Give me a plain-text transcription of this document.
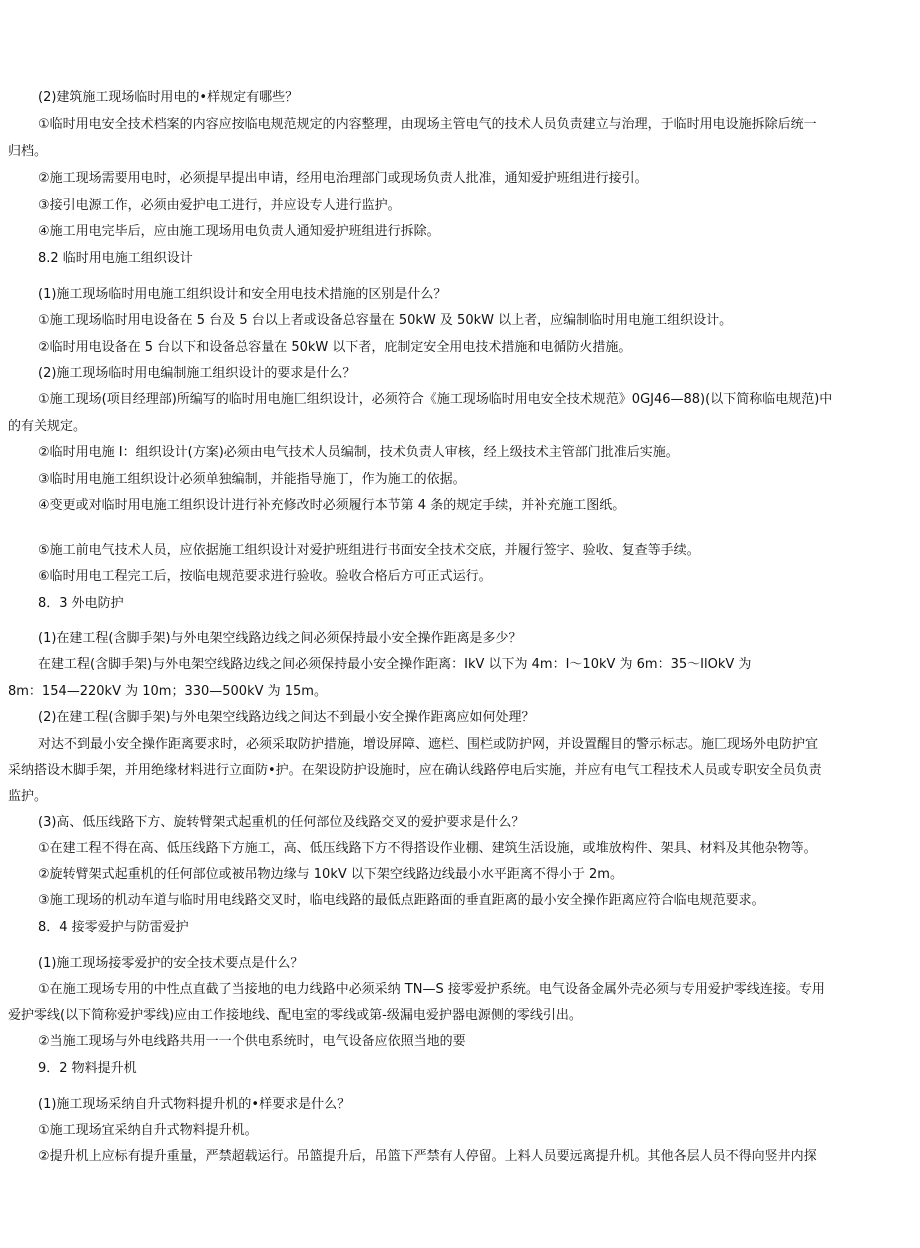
(2)建筑施工现场临时用电的•样规定有哪些？
①临时用电安全技术档案的内容应按临电规范规定的内容整理，由现场主管电气的技术人员负责建立与治理，于临时用电设施拆除后统一
归档。
②施工现场需要用电时，必须提早提出申请，经用电治理部门或现场负责人批准，通知爱护班组进行接引。
③接引电源工作，必须由爱护电工进行，并应设专人进行监护。
④施工用电完毕后，应由施工现场用电负责人通知爱护班组进行拆除。
8.2 临时用电施工组织设计
(1)施工现场临时用电施工组织设计和安全用电技术措施的区别是什么？
①施工现场临时用电设备在 5 台及 5 台以上者或设备总容量在 50kW 及 50kW 以上者，应编制临时用电施工组织设计。
②临时用电设备在 5 台以下和设备总容量在 50kW 以下者，庇制定安全用电技术措施和电循防火措施。
(2)施工现场临时用电编制施工组织设计的要求是什么？
①施工现场(项目经理部)所编写的临时用电施匚组织设计，必须符合《施工现场临时用电安全技术规范》0GJ46—88)(以下简称临电规范)中
的有关规定。
②临时用电施 I：组织设计(方案)必须由电气技术人员编制，技术负责人审核，经上级技术主管部门批准后实施。
③临时用电施工组织设计必须单独编制，并能指导施丁，作为施工的依据。
④变更或对临时用电施工组织设计进行补充修改时必须履行本节第 4 条的规定手续，并补充施工图纸。
⑤施工前电气技术人员，应依据施工组织设计对爱护班组进行书面安全技术交底，并履行签字、验收、复查等手续。
⑥临时用电工程完工后，按临电规范要求进行验收。验收合格后方可正式运行。
8．3 外电防护
(1)在建工程(含脚手架)与外电架空线路边线之间必须保持最小安全操作距离是多少？
在建工程(含脚手架)与外电架空线路边线之间必须保持最小安全操作距离：IkV 以下为 4m：I〜10kV 为 6m：35〜IlOkV 为
8m：154—220kV 为 10m；330—500kV 为 15m。
(2)在建工程(含脚手架)与外电架空线路边线之间达不到最小安全操作距离应如何处理？
对达不到最小安全操作距离要求时，必须采取防护措施，增设屏障、遮栏、围栏或防护网，并设置醒目的警示标志。施匚现场外电防护宜
采纳搭设木脚手架，并用绝缘材料进行立面防•护。在架设防护设施时，应在确认线路停电后实施，并应有电气工程技术人员或专职安全员负责
监护。
(3)高、低压线路下方、旋转臂架式起重机的任何部位及线路交叉的爱护要求是什么？
①在建工程不得在高、低压线路下方施工，高、低压线路下方不得搭设作业棚、建筑生活设施，或堆放构件、架具、材料及其他杂物等。
②旋转臂架式起重机的任何部位或被吊物边缘与 10kV 以下架空线路边线最小水平距离不得小于 2m。
③施工现场的机动车道与临时用电线路交叉时，临电线路的最低点距路面的垂直距离的最小安全操作距离应符合临电规范要求。
8．4 接零爱护与防雷爱护
(1)施工现场接零爱护的安全技术要点是什么？
①在施工现场专用的中性点直截了当接地的电力线路中必须采纳 TN—S 接零爱护系统。电气设备金属外壳必须与专用爱护零线连接。专用
爱护零线(以下简称爱护零线)应由工作接地线、配电室的零线或第-级漏电爱护器电源侧的零线引出。
②当施工现场与外电线路共用一一个供电系统时，电气设备应依照当地的要
9．2 物料提升机
(1)施工现场采纳自升式物料提升机的•样要求是什么？
①施工现场宜采纳自升式物料提升机。
②提升机上应标有提升重量，严禁超载运行。吊篮提升后，吊篮下严禁有人停留。上料人员要远离提升机。其他各层人员不得向竖井内探
